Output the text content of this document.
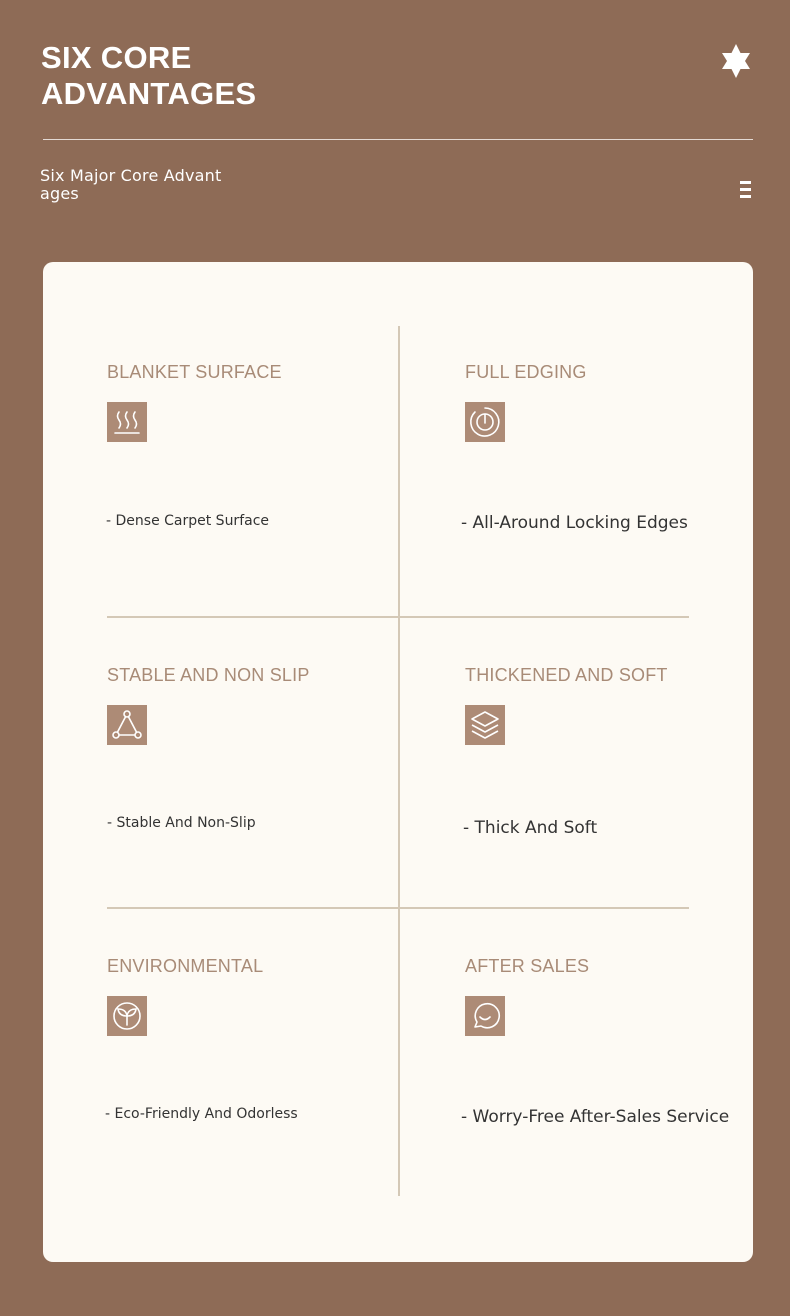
SIX CORE
ADVANTAGES
Six Major Core Advantages
BLANKET SURFACE
- Dense Carpet Surface
FULL EDGING
- All-Around Locking Edges
STABLE AND NON SLIP
- Stable And Non-Slip
THICKENED AND SOFT
- Thick And Soft
ENVIRONMENTAL
- Eco-Friendly And Odorless
AFTER SALES
- Worry-Free After-Sales Service
